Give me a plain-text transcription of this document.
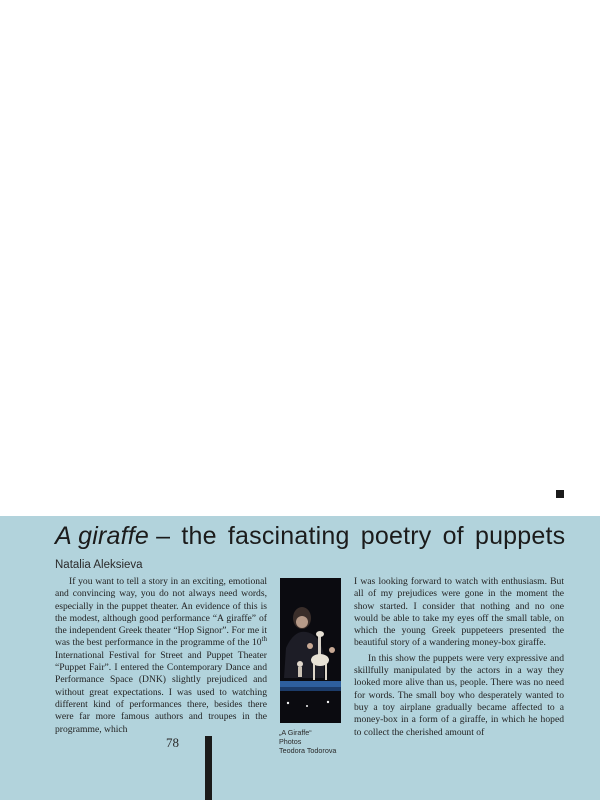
A giraffe – the fascinating poetry of puppets
Natalia Aleksieva

If you want to tell a story in an exciting, emotional and convincing way, you do not always need words, especially in the puppet theater. An evidence of this is the modest, although good performance “A giraffe” of the independent Greek theater “Hop Signor”. For me it was the best performance in the programme of the 10th International Festival for Street and Puppet Theater “Puppet Fair”. I entered the Contemporary Dance and Performance Space (DNK) slightly prejudiced and without great expectations. I was used to watching different kind of performances there, besides there were far more famous authors and troupes in the programme, which

I was looking forward to watch with enthusiasm. But all of my prejudices were gone in the moment the show started. I consider that nothing and no one would be able to take my eyes off the small table, on which the young Greek puppeteers presented the beautiful story of a wandering money-box giraffe.

In this show the puppets were very expressive and skillfully manipulated by the actors in a way they looked more alive than us, people. There was no need for words. The small boy who desperately wanted to buy a toy airplane gradually became affected to a money-box in a form of a giraffe, in which he hoped to collect the cherished amount of

„A Giraffe“
Photos
Teodora Todorova
78
